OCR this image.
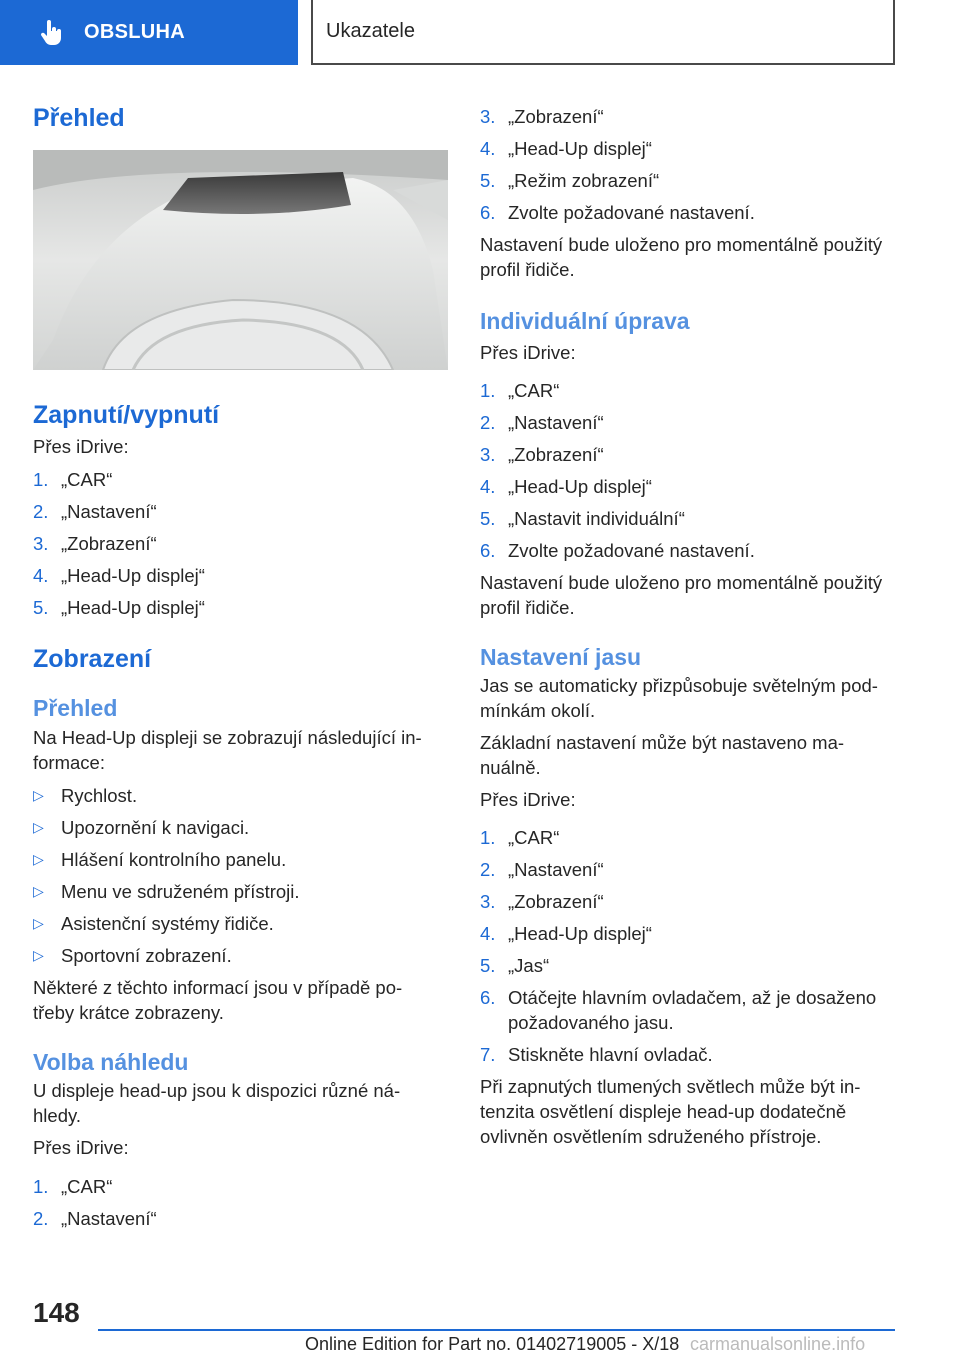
OBSLUHA	Ukazatele
Přehled
Zapnutí/vypnutí

Přes iDrive:

1. „CAR“
2. „Nastavení“
3. „Zobrazení“
4. „Head-Up displej“
5. „Head-Up displej“
Zobrazení
Přehled

Na Head-Up displeji se zobrazují následující in-
formace:

▷ Rychlost.
▷ Upozornění k navigaci.
▷ Hlášení kontrolního panelu.
▷ Menu ve sdruženém přístroji.
▷ Asistenční systémy řidiče.
▷ Sportovní zobrazení.

Některé z těchto informací jsou v případě po-
třeby krátce zobrazeny.

Volba náhledu

U displeje head-up jsou k dispozici různé ná-
hledy.

Přes iDrive:

1. „CAR“
2. „Nastavení“
3. „Zobrazení“
4. „Head-Up displej“
5. „Režim zobrazení“
6. Zvolte požadované nastavení.

Nastavení bude uloženo pro momentálně použitý
profil řidiče.

Individuální úprava

Přes iDrive:

1. „CAR“
2. „Nastavení“
3. „Zobrazení“
4. „Head-Up displej“
5. „Nastavit individuální“
6. Zvolte požadované nastavení.

Nastavení bude uloženo pro momentálně použitý
profil řidiče.

Nastavení jasu

Jas se automaticky přizpůsobuje světelným pod-
mínkám okolí.

Základní nastavení může být nastaveno ma-
nuálně.

Přes iDrive:

1. „CAR“
2. „Nastavení“
3. „Zobrazení“
4. „Head-Up displej“
5. „Jas“
6. Otáčejte hlavním ovladačem, až je dosaženo
požadovaného jasu.
7. Stiskněte hlavní ovladač.

Při zapnutých tlumených světlech může být in-
tenzita osvětlení displeje head-up dodatečně
ovlivněn osvětlením sdruženého přístroje.

148
Online Edition for Part no. 01402719005 - X/18 carmanualsonline.info
